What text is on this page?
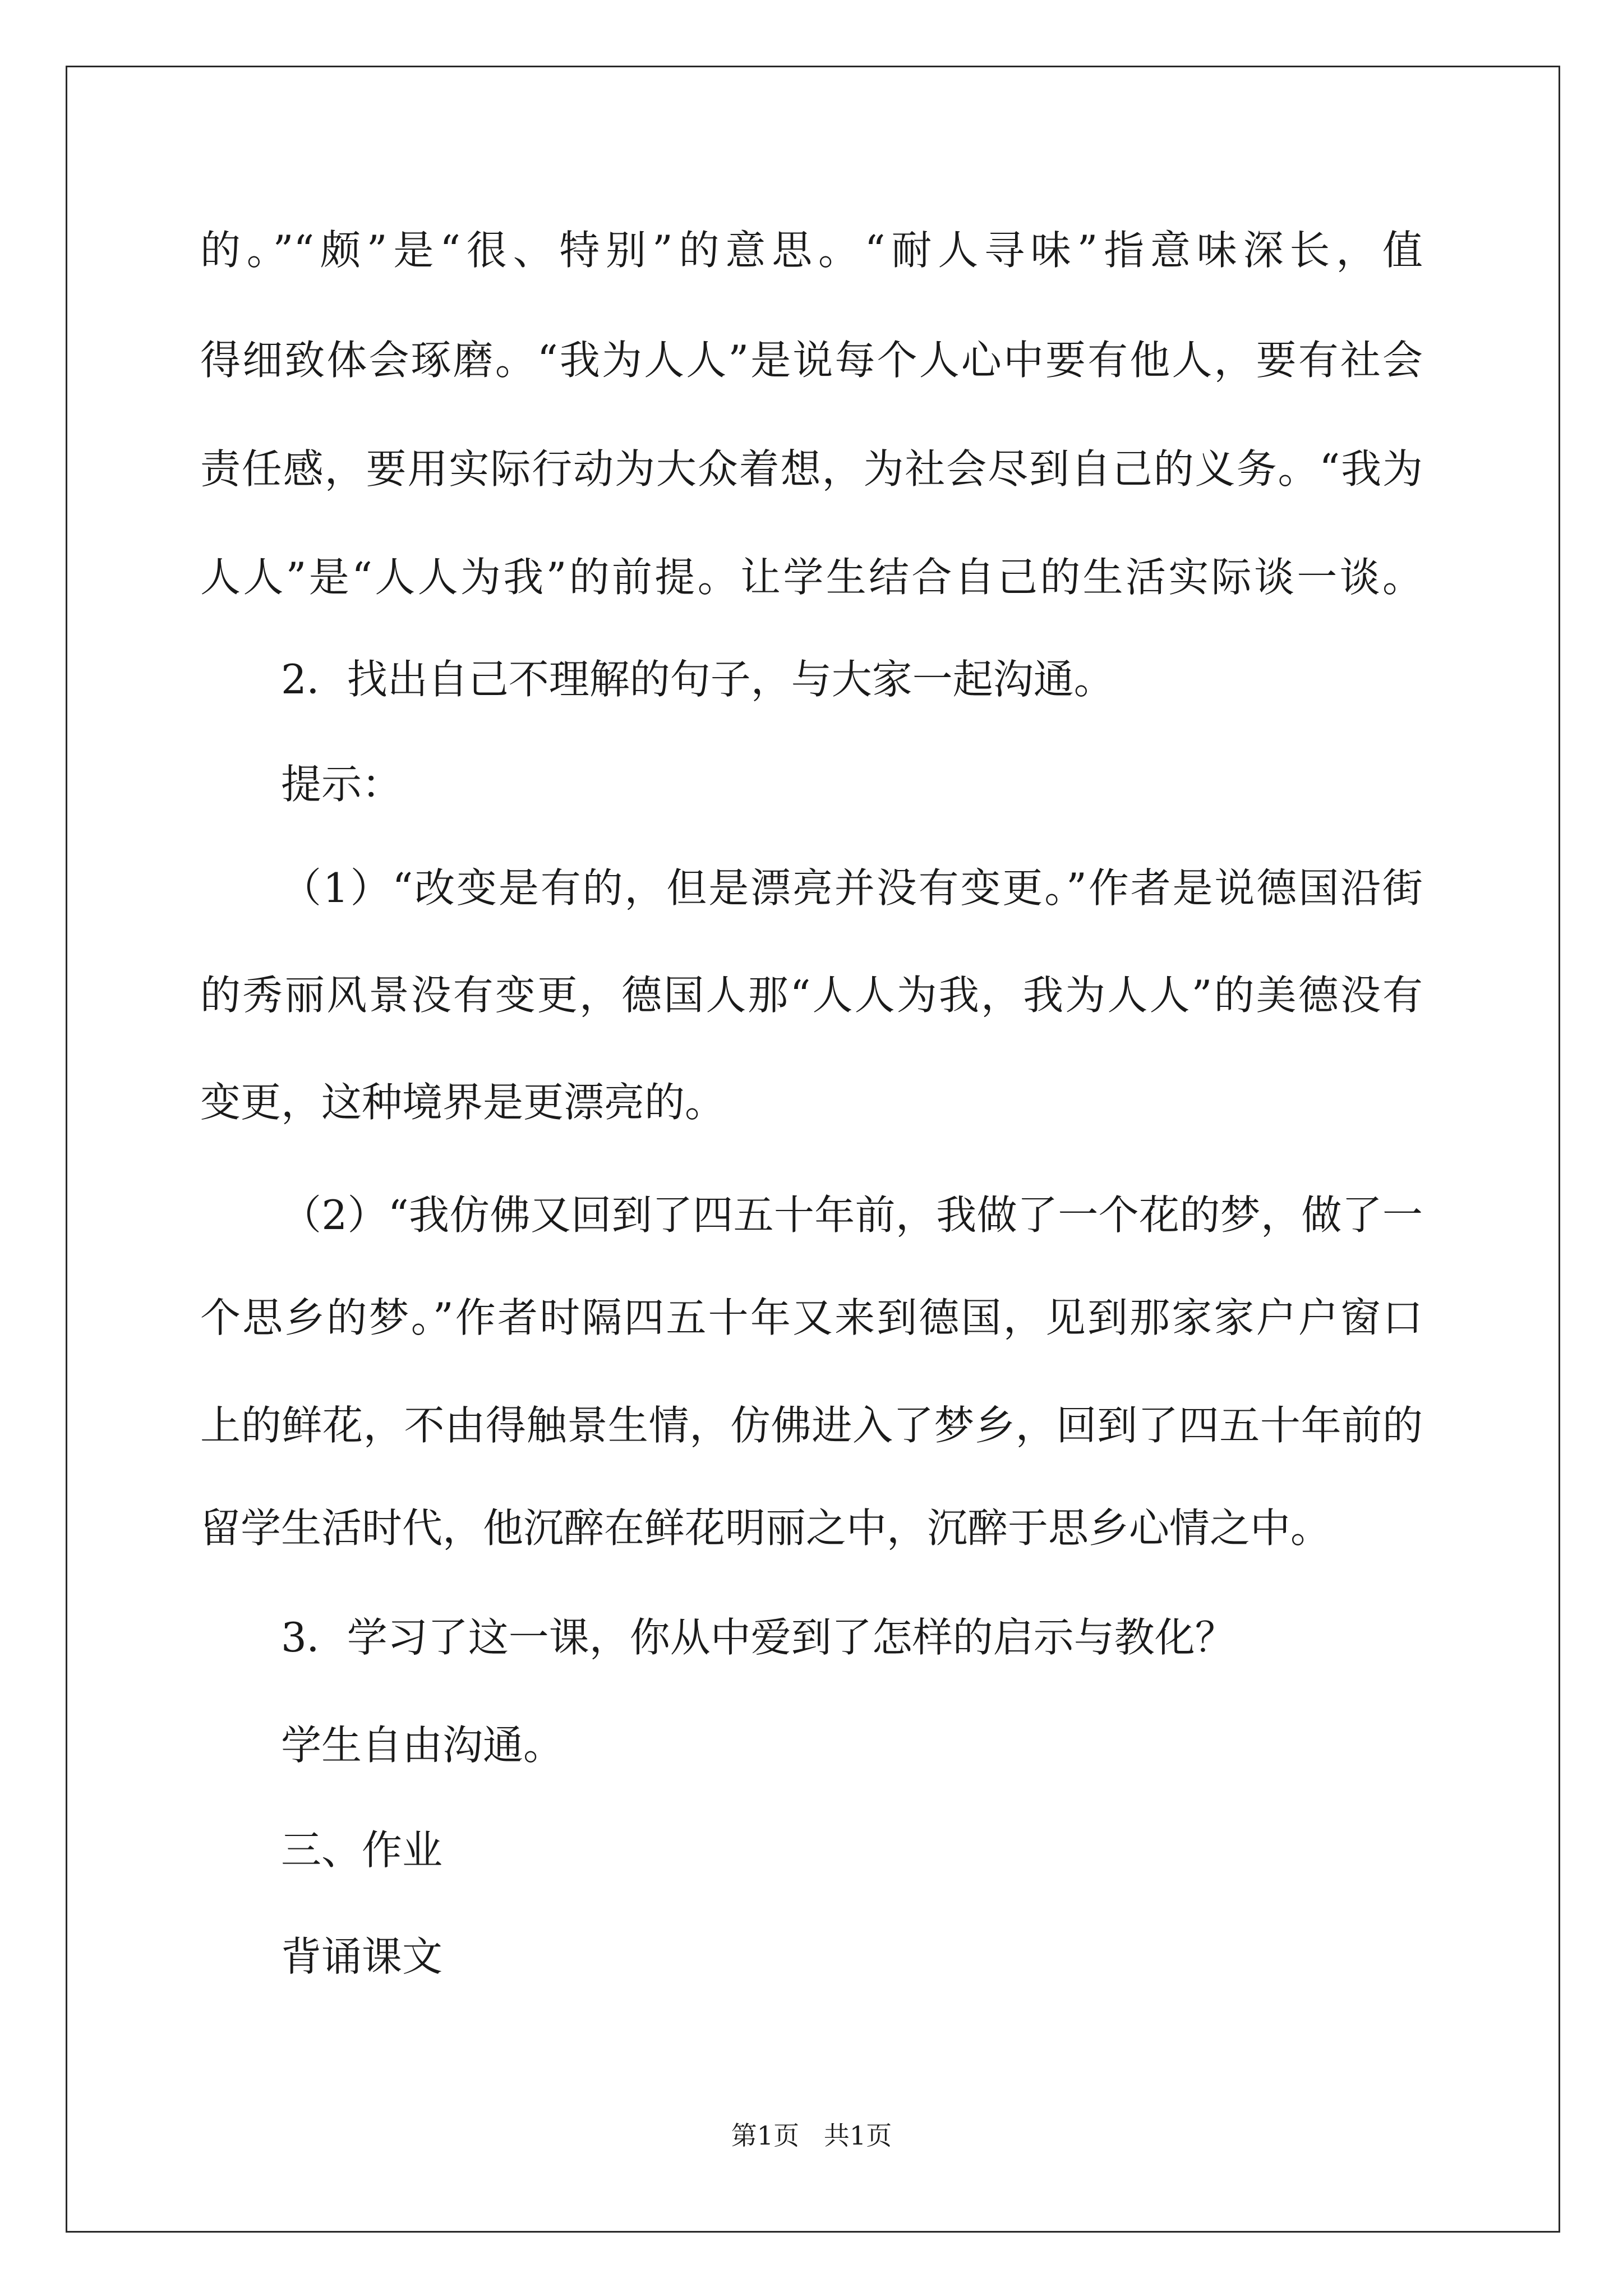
的。”“颇”是“很、特别”的意思。“耐人寻味”指意味深长，值
得细致体会琢磨。“我为人人”是说每个人心中要有他人，要有社会
责任感，要用实际行动为大众着想，为社会尽到自己的义务。“我为
人人”是“人人为我”的前提。让学生结合自己的生活实际谈一谈。
2．找出自己不理解的句子，与大家一起沟通。
提示：
（1）“改变是有的，但是漂亮并没有变更。”作者是说德国沿街
的秀丽风景没有变更，德国人那“人人为我，我为人人”的美德没有
变更，这种境界是更漂亮的。
（2）“我仿佛又回到了四五十年前，我做了一个花的梦，做了一
个思乡的梦。”作者时隔四五十年又来到德国，见到那家家户户窗口
上的鲜花，不由得触景生情，仿佛进入了梦乡，回到了四五十年前的
留学生活时代，他沉醉在鲜花明丽之中，沉醉于思乡心情之中。
3．学习了这一课，你从中爱到了怎样的启示与教化？
学生自由沟通。
三、作业
背诵课文
第1页   共1页
